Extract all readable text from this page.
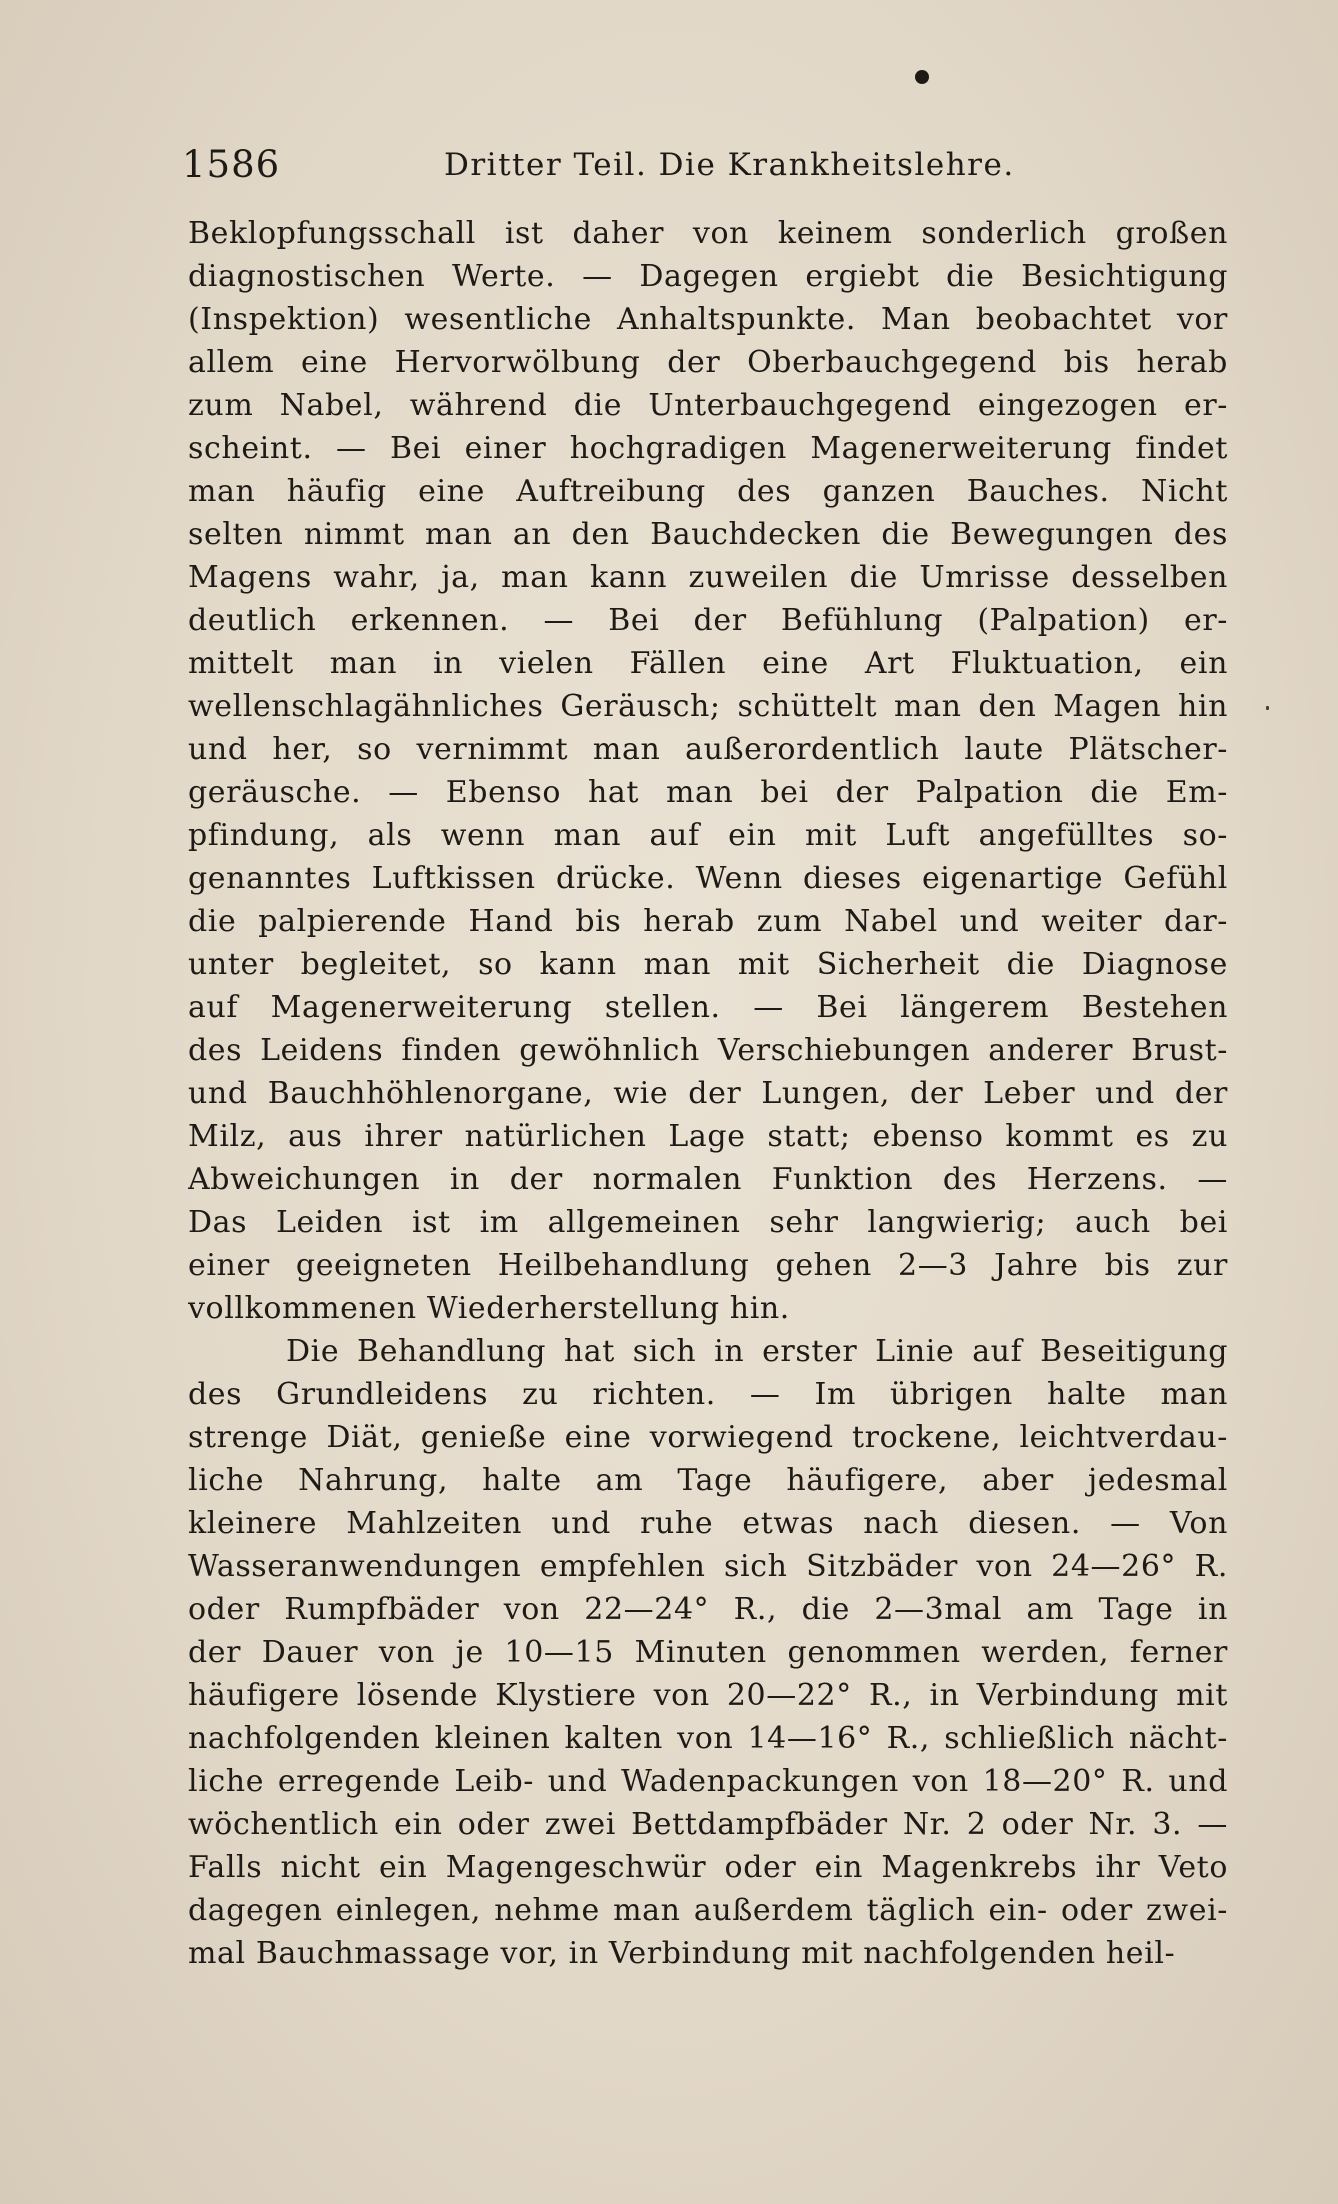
1586	Dritter Teil. Die Krankheitslehre.
Beklopfungsschall ist daher von keinem sonderlich großen
diagnostischen Werte. — Dagegen ergiebt die Besichtigung
(Inspektion) wesentliche Anhaltspunkte. Man beobachtet vor
allem eine Hervorwölbung der Oberbauchgegend bis herab
zum Nabel, während die Unterbauchgegend eingezogen er-
scheint. — Bei einer hochgradigen Magenerweiterung findet
man häufig eine Auftreibung des ganzen Bauches. Nicht
selten nimmt man an den Bauchdecken die Bewegungen des
Magens wahr, ja, man kann zuweilen die Umrisse desselben
deutlich erkennen. — Bei der Befühlung (Palpation) er-
mittelt man in vielen Fällen eine Art Fluktuation, ein
wellenschlagähnliches Geräusch; schüttelt man den Magen hin
und her, so vernimmt man außerordentlich laute Plätscher-
geräusche. — Ebenso hat man bei der Palpation die Em-
pfindung, als wenn man auf ein mit Luft angefülltes so-
genanntes Luftkissen drücke. Wenn dieses eigenartige Gefühl
die palpierende Hand bis herab zum Nabel und weiter dar-
unter begleitet, so kann man mit Sicherheit die Diagnose
auf Magenerweiterung stellen. — Bei längerem Bestehen
des Leidens finden gewöhnlich Verschiebungen anderer Brust-
und Bauchhöhlenorgane, wie der Lungen, der Leber und der
Milz, aus ihrer natürlichen Lage statt; ebenso kommt es zu
Abweichungen in der normalen Funktion des Herzens. —
Das Leiden ist im allgemeinen sehr langwierig; auch bei
einer geeigneten Heilbehandlung gehen 2—3 Jahre bis zur
vollkommenen Wiederherstellung hin.
Die Behandlung hat sich in erster Linie auf Beseitigung
des Grundleidens zu richten. — Im übrigen halte man
strenge Diät, genieße eine vorwiegend trockene, leichtverdau-
liche Nahrung, halte am Tage häufigere, aber jedesmal
kleinere Mahlzeiten und ruhe etwas nach diesen. — Von
Wasseranwendungen empfehlen sich Sitzbäder von 24—26° R.
oder Rumpfbäder von 22—24° R., die 2—3mal am Tage in
der Dauer von je 10—15 Minuten genommen werden, ferner
häufigere lösende Klystiere von 20—22° R., in Verbindung mit
nachfolgenden kleinen kalten von 14—16° R., schließlich nächt-
liche erregende Leib- und Wadenpackungen von 18—20° R. und
wöchentlich ein oder zwei Bettdampfbäder Nr. 2 oder Nr. 3. —
Falls nicht ein Magengeschwür oder ein Magenkrebs ihr Veto
dagegen einlegen, nehme man außerdem täglich ein- oder zwei-
mal Bauchmassage vor, in Verbindung mit nachfolgenden heil-
